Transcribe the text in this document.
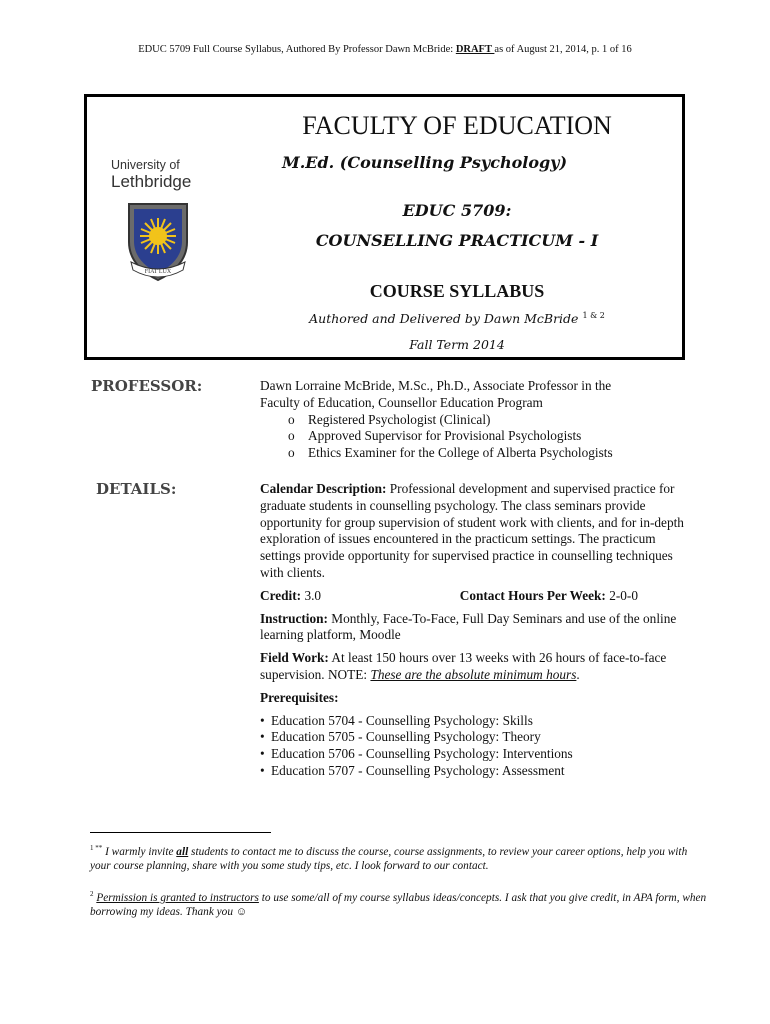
EDUC 5709 Full Course Syllabus, Authored By Professor Dawn McBride: DRAFT as of August 21, 2014, p. 1 of 16
University of
Lethbridge
FIAT LUX
FACULTY OF EDUCATION
M.Ed. (Counselling Psychology)
EDUC 5709:
COUNSELLING PRACTICUM - I
COURSE SYLLABUS
Authored and Delivered by Dawn McBride $^{1 \& 2}$
Fall Term 2014
PROFESSOR:	Dawn Lorraine McBride, M.Sc., Ph.D., Associate Professor in the
Faculty of Education, Counsellor Education Program
o Registered Psychologist (Clinical)
o Approved Supervisor for Provisional Psychologists
o Ethics Examiner for the College of Alberta Psychologists
DETAILS:	Calendar Description: Professional development and supervised practice for graduate students in counselling psychology. The class seminars provide opportunity for group supervision of student work with clients, and for in-depth exploration of issues encountered in the practicum settings. The practicum settings provide opportunity for supervised practice in counselling techniques with clients.

Credit: 3.0	Contact Hours Per Week: 2-0-0

Instruction: Monthly, Face-To-Face, Full Day Seminars and use of the online learning platform, Moodle

Field Work: At least 150 hours over 13 weeks with 26 hours of face-to-face supervision. NOTE: These are the absolute minimum hours.

Prerequisites:

• Education 5704 - Counselling Psychology: Skills
• Education 5705 - Counselling Psychology: Theory
• Education 5706 - Counselling Psychology: Interventions
• Education 5707 - Counselling Psychology: Assessment
$^{1 **}$ I warmly invite all students to contact me to discuss the course, course assignments, to review your career options, help you with your course planning, share with you some study tips, etc. I look forward to our contact.
$^2$ Permission is granted to instructors to use some/all of my course syllabus ideas/concepts. I ask that you give credit, in APA form, when borrowing my ideas. Thank you ☺
